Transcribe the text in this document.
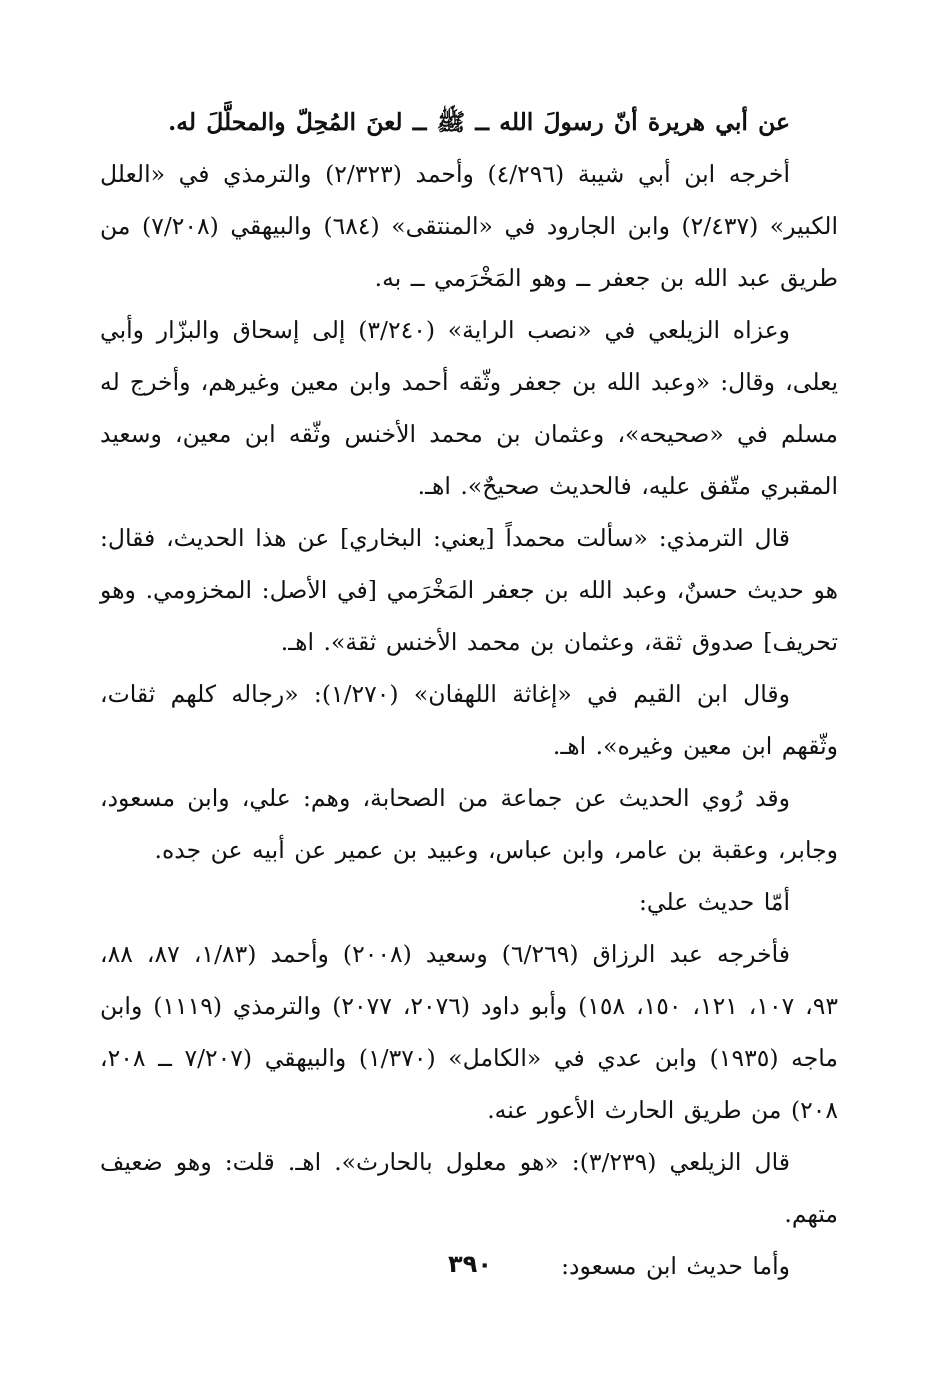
عن أبي هريرة أنّ رسولَ الله ــ ﷺ ــ لعنَ المُحِلّ والمحلَّلَ له.

أخرجه ابن أبي شيبة (٤/٢٩٦) وأحمد (٢/٣٢٣) والترمذي في «العلل الكبير» (٢/٤٣٧) وابن الجارود في «المنتقى» (٦٨٤) والبيهقي (٧/٢٠٨) من طريق عبد الله بن جعفر ــ وهو المَخْرَمي ــ به.

وعزاه الزيلعي في «نصب الراية» (٣/٢٤٠) إلى إسحاق والبزّار وأبي يعلى، وقال: «وعبد الله بن جعفر وثّقه أحمد وابن معين وغيرهم، وأخرج له مسلم في «صحيحه»، وعثمان بن محمد الأخنس وثّقه ابن معين، وسعيد المقبري متّفق عليه، فالحديث صحيحٌ». اهـ.

قال الترمذي: «سألت محمداً [يعني: البخاري] عن هذا الحديث، فقال: هو حديث حسنٌ، وعبد الله بن جعفر المَخْرَمي [في الأصل: المخزومي. وهو تحريف] صدوق ثقة، وعثمان بن محمد الأخنس ثقة». اهـ.

وقال ابن القيم في «إغاثة اللهفان» (١/٢٧٠): «رجاله كلهم ثقات، وثّقهم ابن معين وغيره». اهـ.

وقد رُوي الحديث عن جماعة من الصحابة، وهم: علي، وابن مسعود، وجابر، وعقبة بن عامر، وابن عباس، وعبيد بن عمير عن أبيه عن جده.

أمّا حديث علي:

فأخرجه عبد الرزاق (٦/٢٦٩) وسعيد (٢٠٠٨) وأحمد (١/٨٣، ٨٧، ٨٨، ٩٣، ١٠٧، ١٢١، ١٥٠، ١٥٨) وأبو داود (٢٠٧٦، ٢٠٧٧) والترمذي (١١١٩) وابن ماجه (١٩٣٥) وابن عدي في «الكامل» (١/٣٧٠) والبيهقي (٧/٢٠٧ ــ ٢٠٨، ٢٠٨) من طريق الحارث الأعور عنه.

قال الزيلعي (٣/٢٣٩): «هو معلول بالحارث». اهـ. قلت: وهو ضعيف متهم.

وأما حديث ابن مسعود:

٣٩٠
